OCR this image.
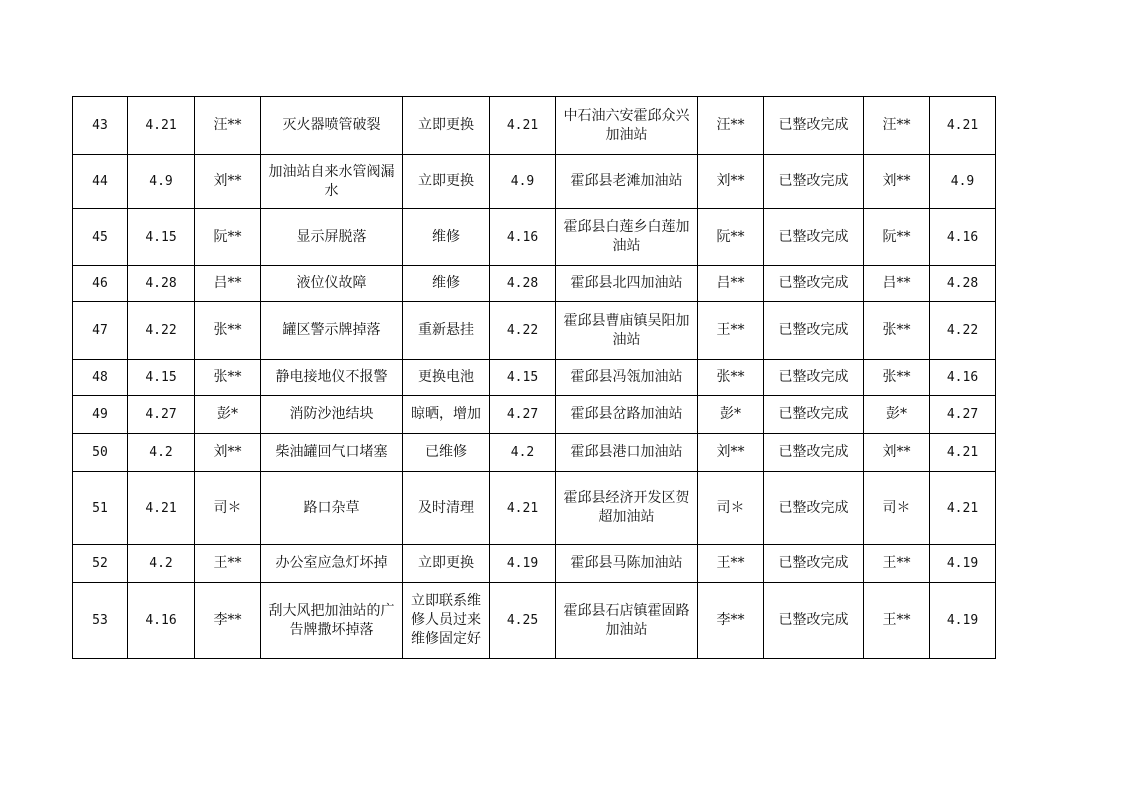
43	4.21	汪**	灭火器喷管破裂	立即更换	4.21	中石油六安霍邱众兴加油站	汪**	已整改完成	汪**	4.21
44	4.9	刘**	加油站自来水管阀漏水	立即更换	4.9	霍邱县老滩加油站	刘**	已整改完成	刘**	4.9
45	4.15	阮**	显示屏脱落	维修	4.16	霍邱县白莲乡白莲加油站	阮**	已整改完成	阮**	4.16
46	4.28	吕**	液位仪故障	维修	4.28	霍邱县北四加油站	吕**	已整改完成	吕**	4.28
47	4.22	张**	罐区警示牌掉落	重新悬挂	4.22	霍邱县曹庙镇吴阳加油站	王**	已整改完成	张**	4.22
48	4.15	张**	静电接地仪不报警	更换电池	4.15	霍邱县冯瓴加油站	张**	已整改完成	张**	4.16
49	4.27	彭*	消防沙池结块	晾晒，增加	4.27	霍邱县岔路加油站	彭*	已整改完成	彭*	4.27
50	4.2	刘**	柴油罐回气口堵塞	已维修	4.2	霍邱县港口加油站	刘**	已整改完成	刘**	4.21
51	4.21	司＊	路口杂草	及时清理	4.21	霍邱县经济开发区贺超加油站	司＊	已整改完成	司＊	4.21
52	4.2	王**	办公室应急灯坏掉	立即更换	4.19	霍邱县马陈加油站	王**	已整改完成	王**	4.19
53	4.16	李**	刮大风把加油站的广告牌撒坏掉落	立即联系维修人员过来维修固定好	4.25	霍邱县石店镇霍固路加油站	李**	已整改完成	王**	4.19
